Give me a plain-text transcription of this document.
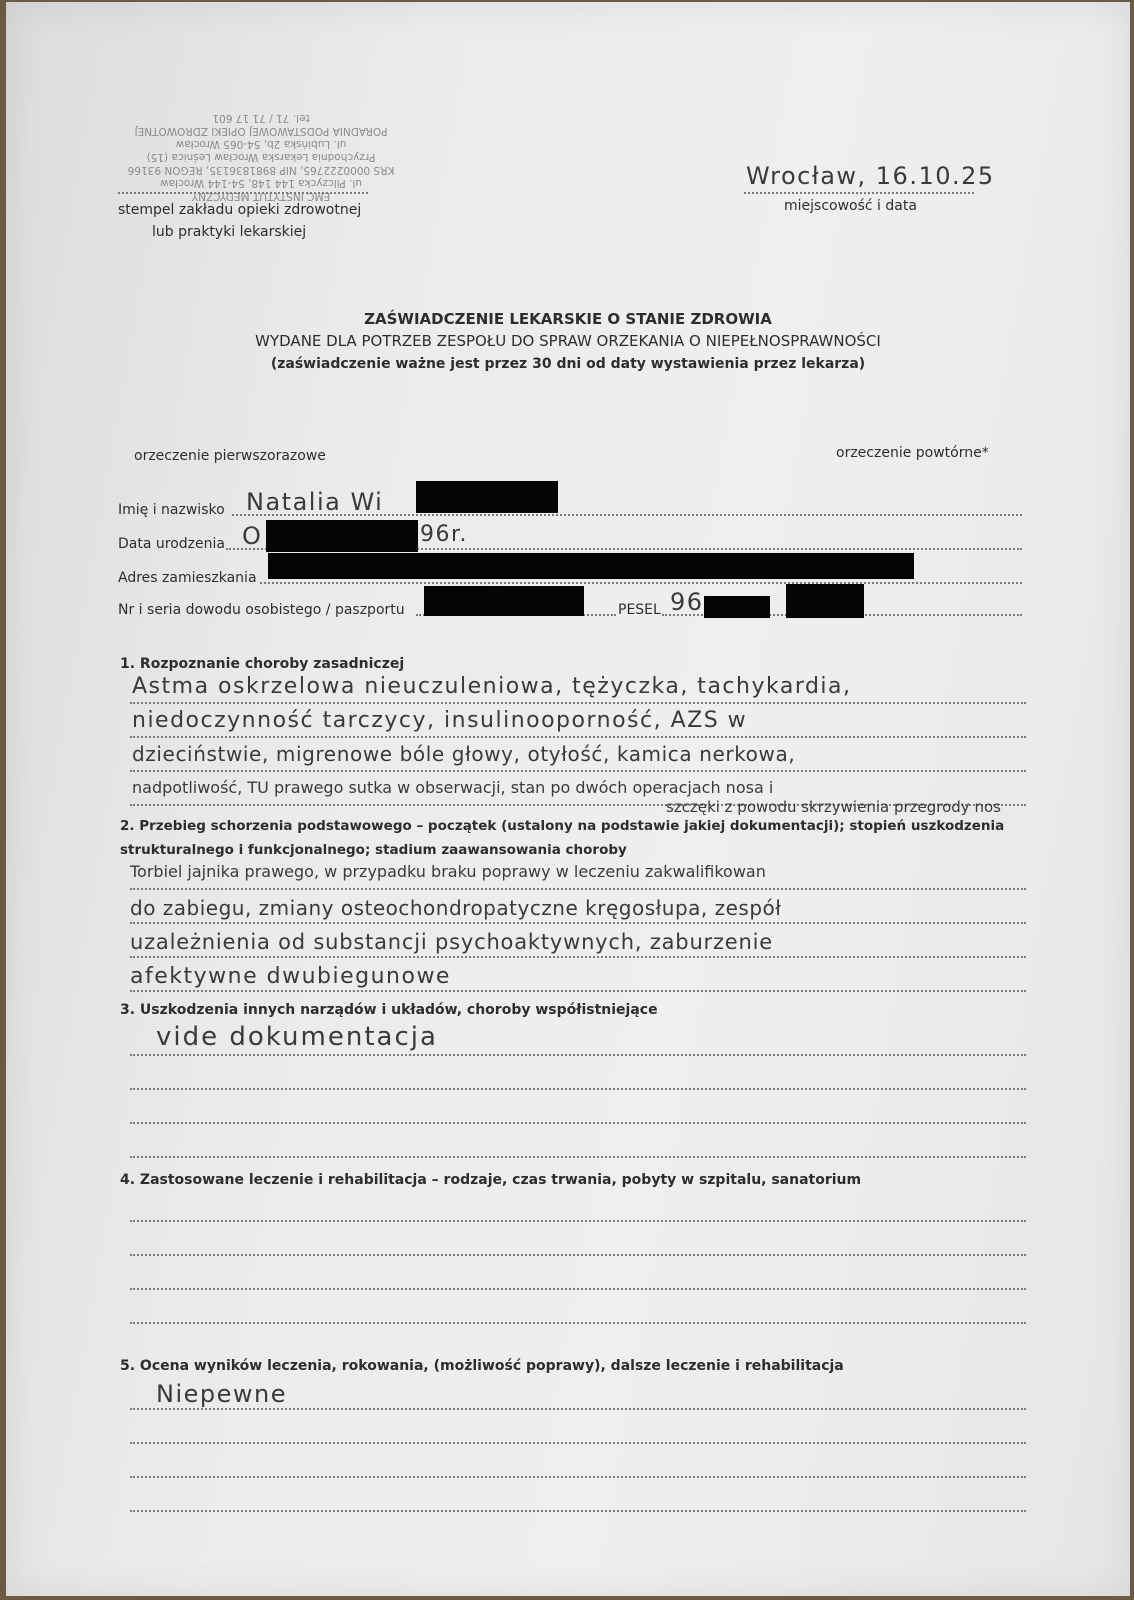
EMC INSTYTUT MEDYCZNY
ul. Pilczycka 144 148, 54-144 Wrocław
KRS 0000222765, NIP 8981836135, REGON 93166
Przychodnia Lekarska Wrocław Leśnica (15)
ul. Lubińska 2b, 54-065 Wrocław
PORADNIA PODSTAWOWEJ OPIEKI ZDROWOTNEJ
tel. 71 / 71 17 601
stempel zakładu opieki zdrowotnej
lub praktyki lekarskiej
Wrocław, 16.10.25
miejscowość i data
ZAŚWIADCZENIE LEKARSKIE O STANIE ZDROWIA
WYDANE DLA POTRZEB ZESPOŁU DO SPRAW ORZEKANIA O NIEPEŁNOSPRAWNOŚCI
(zaświadczenie ważne jest przez 30 dni od daty wystawienia przez lekarza)
orzeczenie pierwszorazowe	orzeczenie powtórne*
Imię i nazwisko Natalia Wi
Data urodzenia O	96r.
Adres zamieszkania
Nr i seria dowodu osobistego / paszportu	PESEL 96
1. Rozpoznanie choroby zasadniczej
Astma oskrzelowa nieuczuleniowa, tężyczka, tachykardia,
niedoczynność tarczycy, insulinooporność, AZS w
dzieciństwie, migrenowe bóle głowy, otyłość, kamica nerkowa,
nadpotliwość, TU prawego sutka w obserwacji, stan po dwóch operacjach nosa i
szczęki z powodu skrzywienia przegrody nos
2. Przebieg schorzenia podstawowego – początek (ustalony na podstawie jakiej dokumentacji); stopień uszkodzenia
strukturalnego i funkcjonalnego; stadium zaawansowania choroby
Torbiel jajnika prawego, w przypadku braku poprawy w leczeniu zakwalifikowan
do zabiegu, zmiany osteochondropatyczne kręgosłupa, zespół
uzależnienia od substancji psychoaktywnych, zaburzenie
afektywne dwubiegunowe
3. Uszkodzenia innych narządów i układów, choroby współistniejące
vide dokumentacja
4. Zastosowane leczenie i rehabilitacja – rodzaje, czas trwania, pobyty w szpitalu, sanatorium
5. Ocena wyników leczenia, rokowania, (możliwość poprawy), dalsze leczenie i rehabilitacja
Niepewne
